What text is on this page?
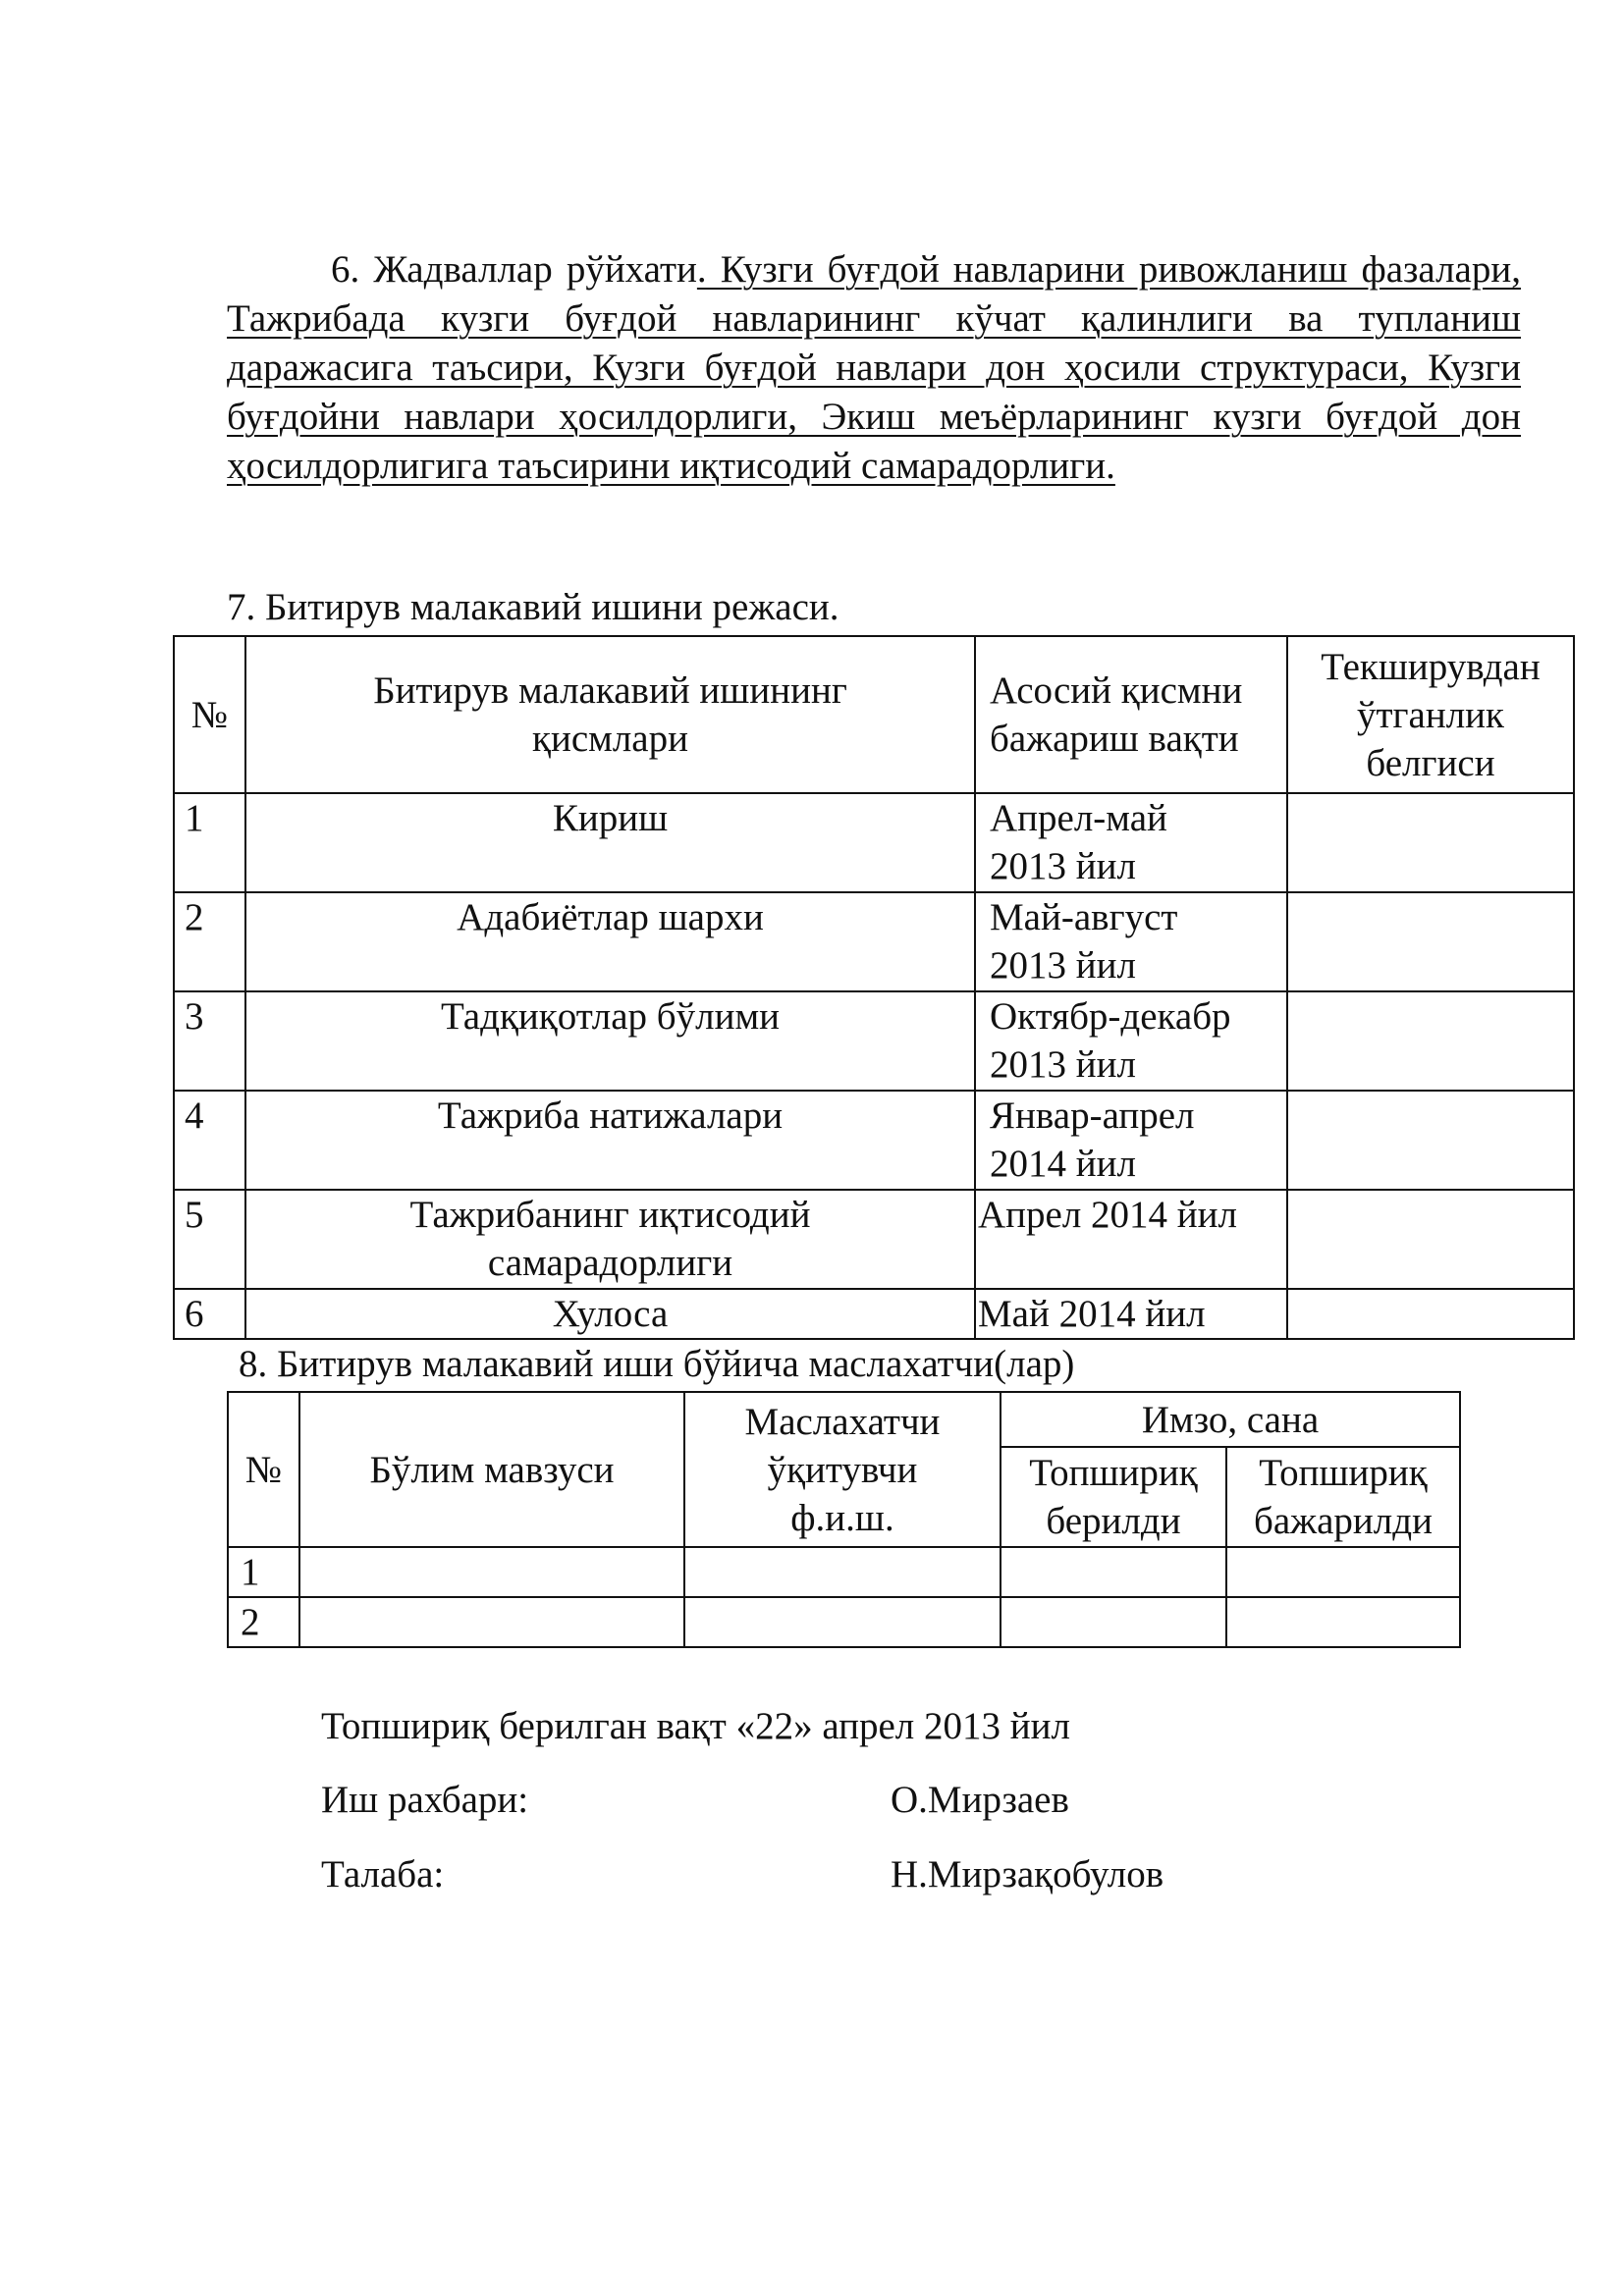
6. Жадваллар рўйхати. Кузги буғдой навларини ривожланиш фазалари, Тажрибада кузги буғдой навларининг кўчат қалинлиги ва тупланиш даражасига таъсири, Кузги буғдой навлари дон ҳосили структураси, Кузги буғдойни навлари ҳосилдорлиги, Экиш меъёрларининг кузги буғдой дон ҳосилдорлигига таъсирини иқтисодий самарадорлиги.
7. Битирув малакавий ишини режаси.
№	Битирув малакавий ишининг қисмлари	Асосий қисмни бажариш вақти	Текширувдан ўтганлик белгиси

1	Кириш	Апрел-май 2013 йил	

2	Адабиётлар шархи	Май-август 2013 йил	

3	Тадқиқотлар бўлими	Октябр-декабр 2013 йил	

4	Тажриба натижалари	Январ-апрел 2014 йил	

5	Тажрибанинг иқтисодий самарадорлиги	Апрел 2014 йил	
6	Хулоса	Май 2014 йил	
8. Битирув малакавий иши бўйича маслахатчи(лар)
№	Бўлим мавзуси	Маслахатчи ўқитувчи ф.и.ш.	Имзо, сана	

			Топшириқ берилди	Топшириқ бажарилди

1				
2				
Топшириқ берилган вақт «22» апрел 2013 йил
Иш рахбари:	О.Мирзаев
Талаба:	Н.Мирзақобулов
